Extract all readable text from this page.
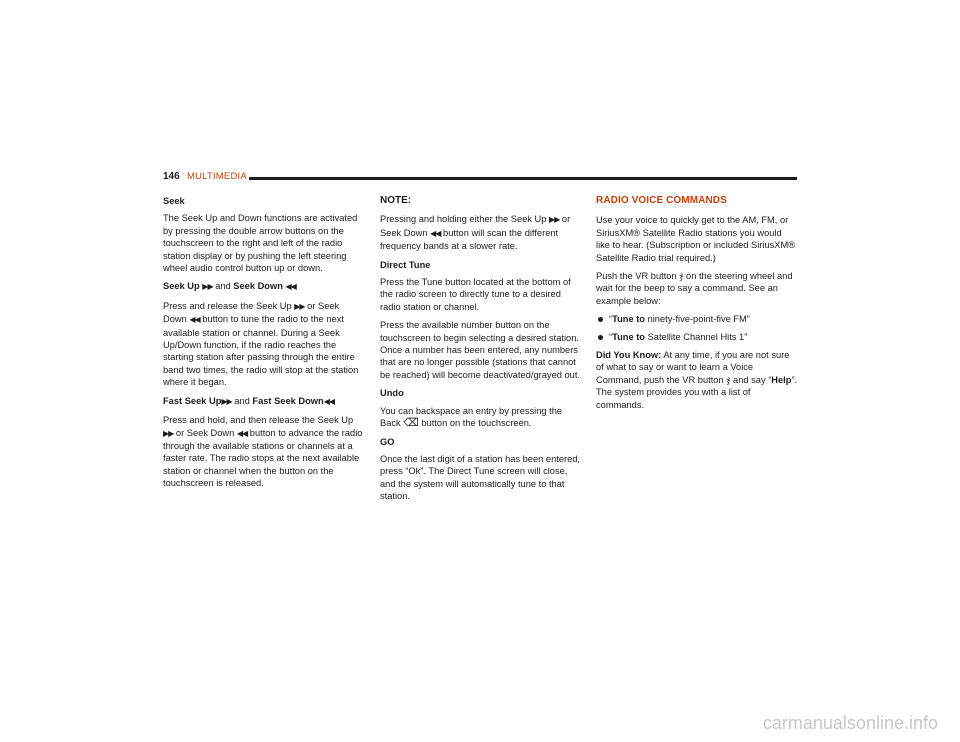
146 MULTIMEDIA

Seek

The Seek Up and Down functions are activated by pressing the double arrow buttons on the touchscreen to the right and left of the radio station display or by pushing the left steering wheel audio control button up or down.

Seek Up ▶▶ and Seek Down ◀◀

Press and release the Seek Up ▶▶ or Seek Down ◀◀ button to tune the radio to the next available station or channel. During a Seek Up/Down function, if the radio reaches the starting station after passing through the entire band two times, the radio will stop at the station where it began.

Fast Seek Up▶▶ and Fast Seek Down◀◀

Press and hold, and then release the Seek Up ▶▶ or Seek Down ◀◀ button to advance the radio through the available stations or channels at a faster rate. The radio stops at the next available station or channel when the button on the touchscreen is released.

NOTE:

Pressing and holding either the Seek Up ▶▶ or Seek Down ◀◀ button will scan the different frequency bands at a slower rate.

Direct Tune

Press the Tune button located at the bottom of the radio screen to directly tune to a desired radio station or channel.

Press the available number button on the touchscreen to begin selecting a desired station. Once a number has been entered, any numbers that are no longer possible (stations that cannot be reached) will become deactivated/grayed out.

Undo

You can backspace an entry by pressing the Back ⌫ button on the touchscreen.

GO

Once the last digit of a station has been entered, press “Ok”. The Direct Tune screen will close, and the system will automatically tune to that station.

RADIO VOICE COMMANDS

Use your voice to quickly get to the AM, FM, or SiriusXM® Satellite Radio stations you would like to hear. (Subscription or included SiriusXM® Satellite Radio trial required.)

Push the VR button ჯ on the steering wheel and wait for the beep to say a command. See an example below:

“Tune to ninety-five-point-five FM”
“Tune to Satellite Channel Hits 1”

Did You Know: At any time, if you are not sure of what to say or want to learn a Voice Command, push the VR button ჯ and say “Help”. The system provides you with a list of commands.

carmanualsonline.info
